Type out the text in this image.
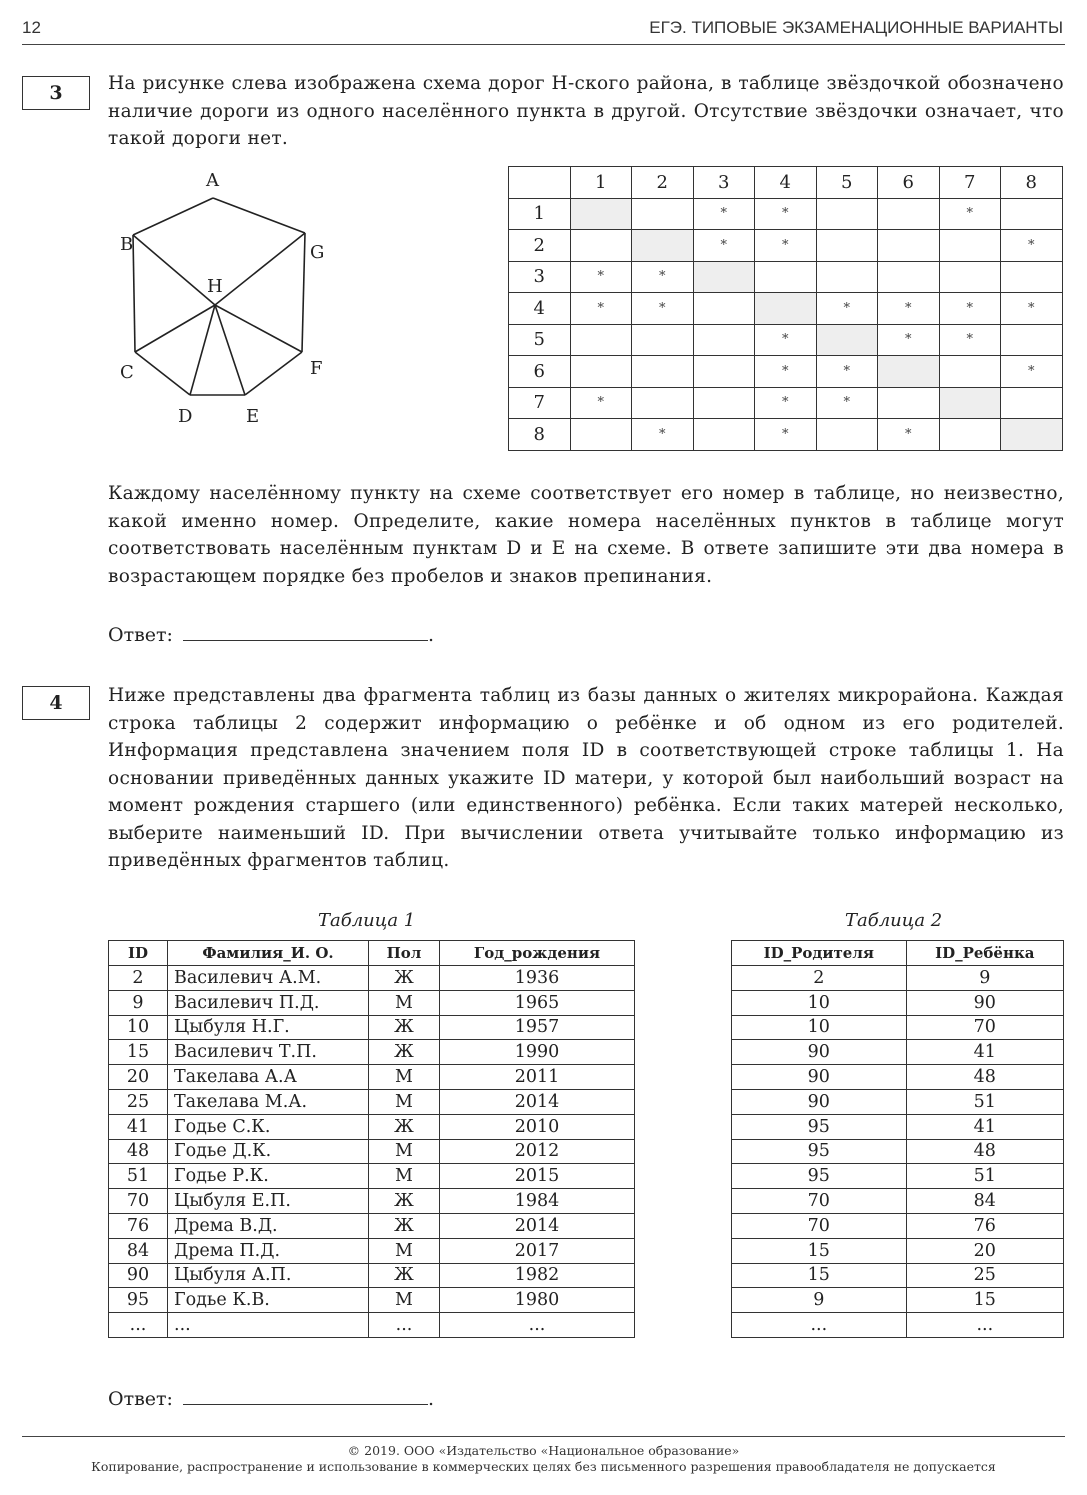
12	ЕГЭ. ТИПОВЫЕ ЭКЗАМЕНАЦИОННЫЕ ВАРИАНТЫ
3	На рисунке слева изображена схема дорог Н-ского района, в таблице звёздочкой обозначено наличие дороги из одного населённого пункта в другой. Отсутствие звёздочки означает, что такой дороги нет.
A
B	G
H
C	F
D	E
	1	2	3	4	5	6	7	8
1			*	*			*	
2			*	*				*
3	*	*						
4	*	*			*	*	*	*
5				*		*	*	
6				*	*			*
7	*			*	*			
8		*		*		*		
Каждому населённому пункту на схеме соответствует его номер в таблице, но неизвестно, какой именно номер. Определите, какие номера населённых пунктов в таблице могут соответствовать населённым пунктам D и E на схеме. В ответе запишите эти два номера в возрастающем порядке без пробелов и знаков препинания.
Ответ:	.
4	Ниже представлены два фрагмента таблиц из базы данных о жителях микрорайона. Каждая строка таблицы 2 содержит информацию о ребёнке и об одном из его родителей. Информация представлена значением поля ID в соответствующей строке таблицы 1. На основании приведённых данных укажите ID матери, у которой был наибольший возраст на момент рождения старшего (или единственного) ребёнка. Если таких матерей несколько, выберите наименьший ID. При вычислении ответа учитывайте только информацию из приведённых фрагментов таблиц.
Таблица 1
ID	Фамилия_И. О.	Пол	Год_рождения
2	Василевич А.М.	Ж	1936
9	Василевич П.Д.	М	1965
10	Цыбуля Н.Г.	Ж	1957
15	Василевич Т.П.	Ж	1990
20	Такелава А.А	М	2011
25	Такелава М.А.	М	2014
41	Годье С.К.	Ж	2010
48	Годье Д.К.	М	2012
51	Годье Р.К.	М	2015
70	Цыбуля Е.П.	Ж	1984
76	Дрема В.Д.	Ж	2014
84	Дрема П.Д.	М	2017
90	Цыбуля А.П.	Ж	1982
95	Годье К.В.	М	1980
...	...	...	...
Таблица 2
ID_Родителя	ID_Ребёнка
2	9
10	90
10	70
90	41
90	48
90	51
95	41
95	48
95	51
70	84
70	76
15	20
15	25
9	15
...	...
Ответ:	.
© 2019. ООО «Издательство «Национальное образование»
Копирование, распространение и использование в коммерческих целях без письменного разрешения правообладателя не допускается
